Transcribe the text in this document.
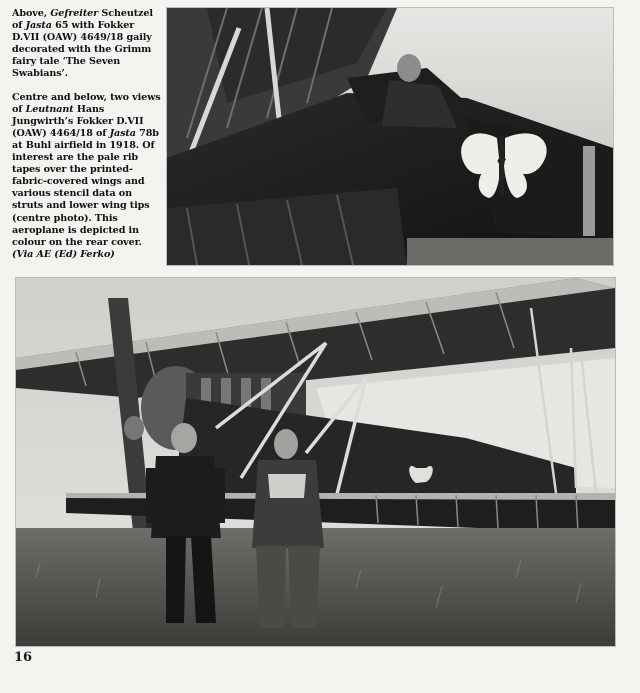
Above, Gefreiter Scheutzel of Jasta 65 with Fokker D.VII (OAW) 4649/18 gaily decorated with the Grimm fairy tale ‘The Seven Swabians’.

Centre and below, two views of Leutnant Hans Jungwirth’s Fokker D.VII (OAW) 4464/18 of Jasta 78b at Buhl airfield in 1918. Of interest are the pale rib tapes over the printed-fabric-covered wings and various stencil data on struts and lower wing tips (centre photo). This aeroplane is depicted in colour on the rear cover. (Via AE (Ed) Ferko)

16
